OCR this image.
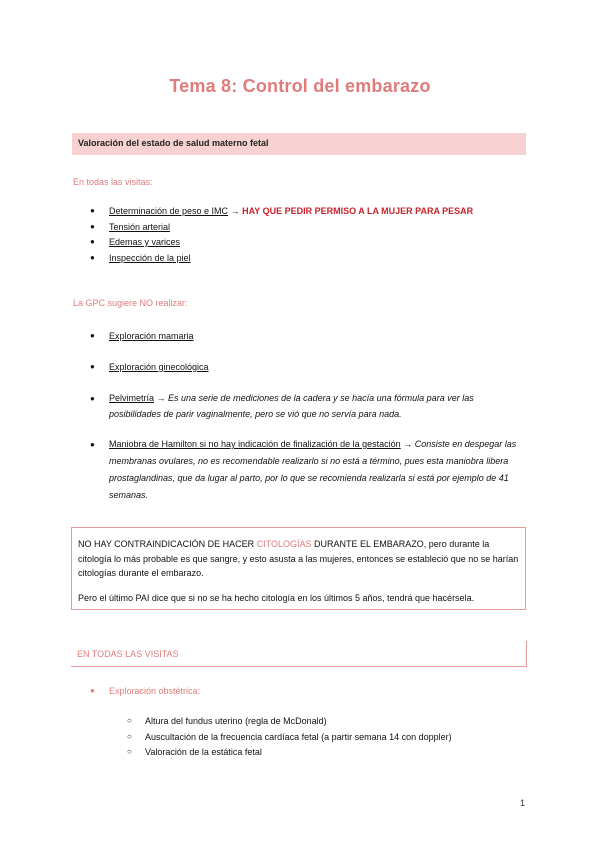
Tema 8: Control del embarazo
Valoración del estado de salud materno fetal
En todas las visitas:
● Determinación de peso e IMC → HAY QUE PEDIR PERMISO A LA MUJER PARA PESAR
● Tensión arterial
● Edemas y varices
● Inspección de la piel
La GPC sugiere NO realizar:
● Exploración mamaria
● Exploración ginecológica
● Pelvimetría → Es una serie de mediciones de la cadera y se hacía una fórmula para ver las posibilidades de parir vaginalmente, pero se vió que no servía para nada.
● Maniobra de Hamilton si no hay indicación de finalización de la gestación → Consiste en despegar las membranas ovulares, no es recomendable realizarlo si no está a término, pues esta maniobra libera prostaglandinas, que da lugar al parto, por lo que se recomienda realizarla si está por ejemplo de 41 semanas.

NO HAY CONTRAINDICACIÓN DE HACER CITOLOGÍAS DURANTE EL EMBARAZO, pero durante la citología lo más probable es que sangre, y esto asusta a las mujeres, entonces se estableció que no se harían citologías durante el embarazo.

Pero el último PAI dice que si no se ha hecho citología en los últimos 5 años, tendrá que hacérsela.

EN TODAS LAS VISITAS
● Exploración obstétrica:
○ Altura del fundus uterino (regla de McDonald)
○ Auscultación de la frecuencia cardíaca fetal (a partir semana 14 con doppler)
○ Valoración de la estática fetal
1
